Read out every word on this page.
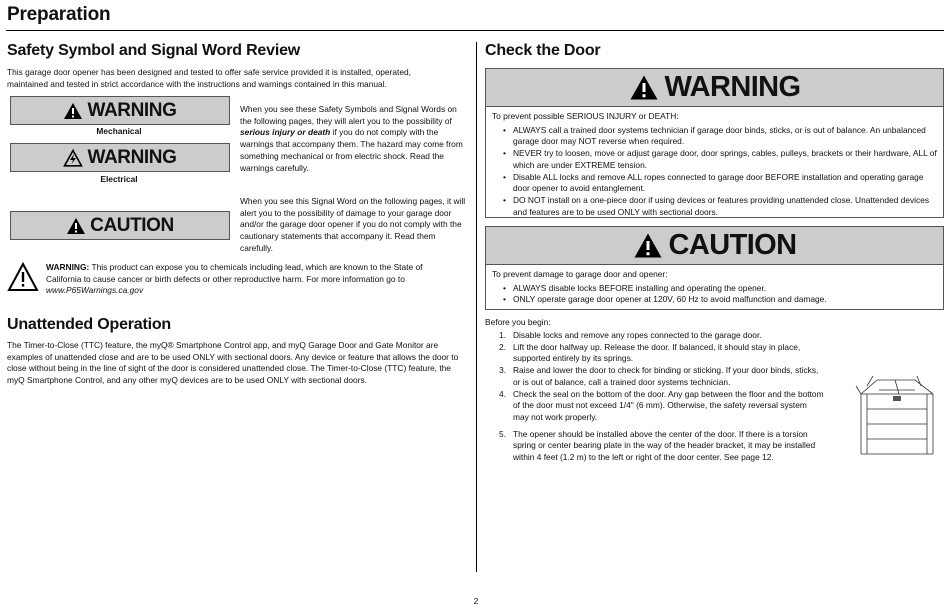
Preparation
Safety Symbol and Signal Word Review
This garage door opener has been designed and tested to offer safe service provided it is installed, operated, maintained and tested in strict accordance with the instructions and warnings contained in this manual.
WARNING
Mechanical
WARNING
Electrical
CAUTION
When you see these Safety Symbols and Signal Words on the following pages, they will alert you to the possibility of serious injury or death if you do not comply with the warnings that accompany them. The hazard may come from something mechanical or from electric shock. Read the warnings carefully.
When you see this Signal Word on the following pages, it will alert you to the possibility of damage to your garage door and/or the garage door opener if you do not comply with the cautionary statements that accompany it. Read them carefully.
WARNING: This product can expose you to chemicals including lead, which are known to the State of California to cause cancer or birth defects or other reproductive harm. For more information go to www.P65Warnings.ca.gov
Unattended Operation
The Timer-to-Close (TTC) feature, the myQ® Smartphone Control app, and myQ Garage Door and Gate Monitor are examples of unattended close and are to be used ONLY with sectional doors. Any device or feature that allows the door to close without being in the line of sight of the door is considered unattended close. The Timer-to-Close (TTC) feature, the myQ Smartphone Control, and any other myQ devices are to be used ONLY with sectional doors.
Check the Door
WARNING
To prevent possible SERIOUS INJURY or DEATH:
• ALWAYS call a trained door systems technician if garage door binds, sticks, or is out of balance. An unbalanced garage door may NOT reverse when required.
• NEVER try to loosen, move or adjust garage door, door springs, cables, pulleys, brackets or their hardware, ALL of which are under EXTREME tension.
• Disable ALL locks and remove ALL ropes connected to garage door BEFORE installation and operating garage door opener to avoid entanglement.
• DO NOT install on a one-piece door if using devices or features providing unattended close. Unattended devices and features are to be used ONLY with sectional doors.
CAUTION
To prevent damage to garage door and opener:
• ALWAYS disable locks BEFORE installing and operating the opener.
• ONLY operate garage door opener at 120V, 60 Hz to avoid malfunction and damage.
Before you begin:
1. Disable locks and remove any ropes connected to the garage door.
2. Lift the door halfway up. Release the door. If balanced, it should stay in place, supported entirely by its springs.
3. Raise and lower the door to check for binding or sticking. If your door binds, sticks, or is out of balance, call a trained door systems technician.
4. Check the seal on the bottom of the door. Any gap between the floor and the bottom of the door must not exceed 1/4" (6 mm). Otherwise, the safety reversal system may not work properly.
5. The opener should be installed above the center of the door. If there is a torsion spring or center bearing plate in the way of the header bracket, it may be installed within 4 feet (1.2 m) to the left or right of the door center. See page 12.
2
